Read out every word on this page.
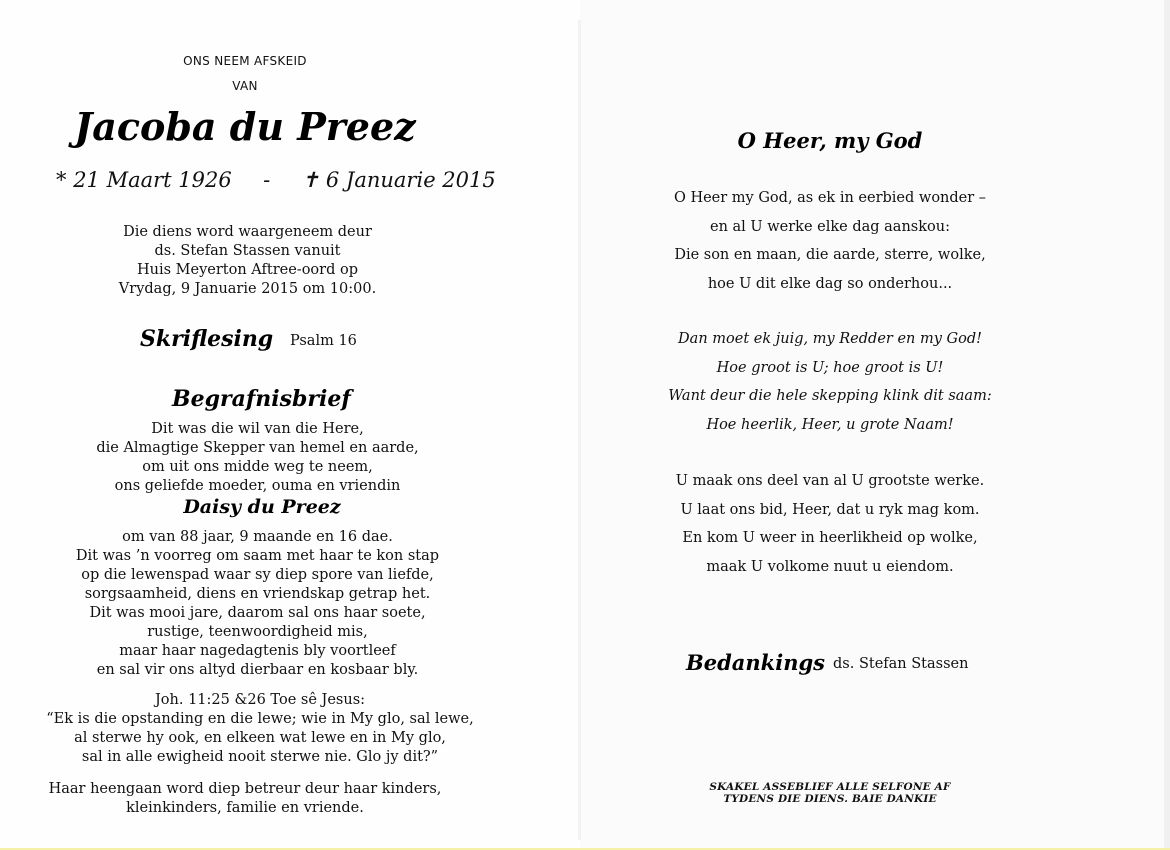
ONS NEEM AFSKEID
VAN
Jacoba du Preez
* 21 Maart 1926 - ✝ 6 Januarie 2015

Die diens word waargeneem deur

ds. Stefan Stassen vanuit

Huis Meyerton Aftree-oord op

Vrydag, 9 Januarie 2015 om 10:00.

Skriflesing Psalm 16
Begrafnisbrief

Dit was die wil van die Here,

die Almagtige Skepper van hemel en aarde,

om uit ons midde weg te neem,

ons geliefde moeder, ouma en vriendin

Daisy du Preez

om van 88 jaar, 9 maande en 16 dae.

Dit was ’n voorreg om saam met haar te kon stap

op die lewenspad waar sy diep spore van liefde,

sorgsaamheid, diens en vriendskap getrap het.

Dit was mooi jare, daarom sal ons haar soete,

rustige, teenwoordigheid mis,

maar haar nagedagtenis bly voortleef

en sal vir ons altyd dierbaar en kosbaar bly.

Joh. 11:25 &26 Toe sê Jesus:

“Ek is die opstanding en die lewe; wie in My glo, sal lewe,

al sterwe hy ook, en elkeen wat lewe en in My glo,

sal in alle ewigheid nooit sterwe nie. Glo jy dit?”

Haar heengaan word diep betreur deur haar kinders,

kleinkinders, familie en vriende.

O Heer, my God

O Heer my God, as ek in eerbied wonder –

en al U werke elke dag aanskou:

Die son en maan, die aarde, sterre, wolke,

hoe U dit elke dag so onderhou...

Dan moet ek juig, my Redder en my God!

Hoe groot is U; hoe groot is U!

Want deur die hele skepping klink dit saam:

Hoe heerlik, Heer, u grote Naam!

U maak ons deel van al U grootste werke.

U laat ons bid, Heer, dat u ryk mag kom.

En kom U weer in heerlikheid op wolke,

maak U volkome nuut u eiendom.

Bedankings ds. Stefan Stassen

SKAKEL ASSEBLIEF ALLE SELFONE AF

TYDENS DIE DIENS. BAIE DANKIE
